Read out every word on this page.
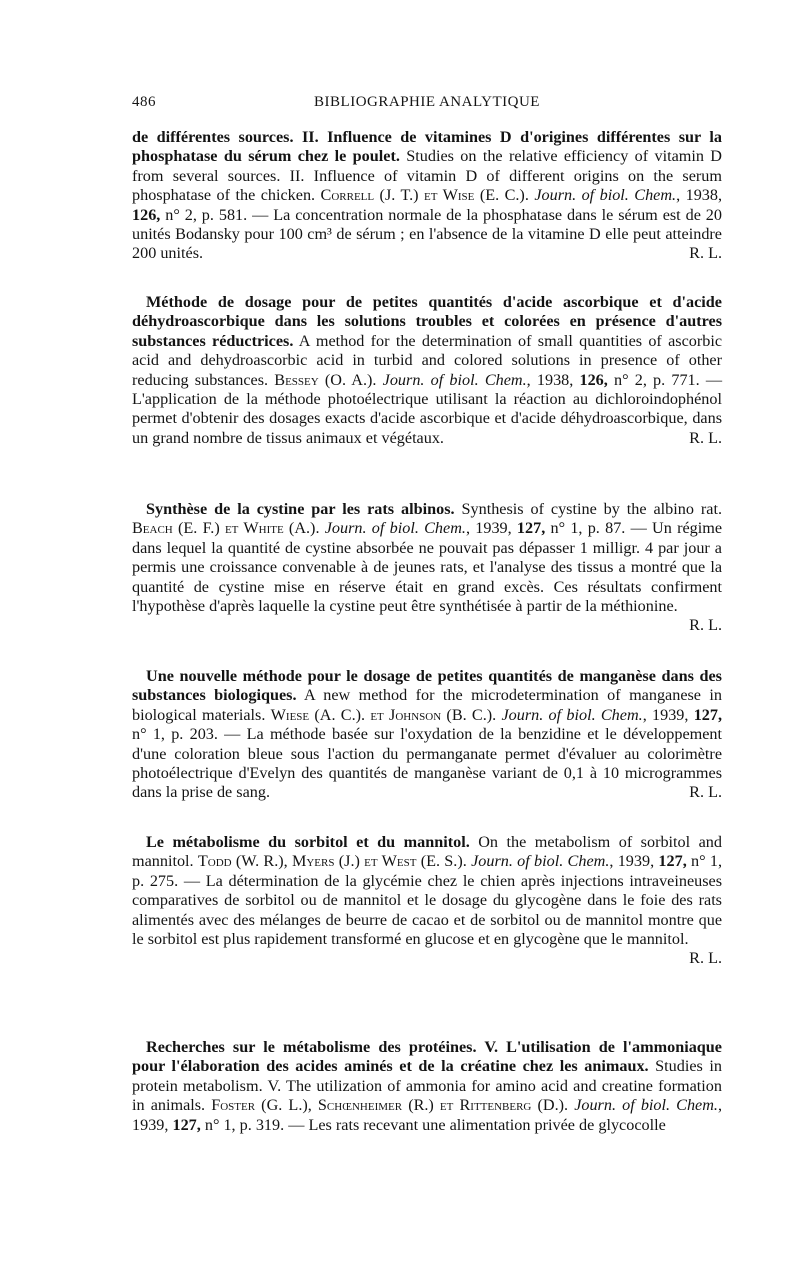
486	BIBLIOGRAPHIE ANALYTIQUE
de différentes sources. II. Influence de vitamines D d'origines différentes sur la phosphatase du sérum chez le poulet. Studies on the relative efficiency of vitamin D from several sources. II. Influence of vitamin D of different origins on the serum phosphatase of the chicken. Correll (J. T.) et Wise (E. C.). Journ. of biol. Chem., 1938, 126, n° 2, p. 581. — La concentration normale de la phosphatase dans le sérum est de 20 unités Bodansky pour 100 cm³ de sérum ; en l'absence de la vitamine D elle peut atteindre 200 unités.	R. L.
Méthode de dosage pour de petites quantités d'acide ascorbique et d'acide déhydroascorbique dans les solutions troubles et colorées en présence d'autres substances réductrices. A method for the determination of small quantities of ascorbic acid and dehydroascorbic acid in turbid and colored solutions in presence of other reducing substances. Bessey (O. A.). Journ. of biol. Chem., 1938, 126, n° 2, p. 771. — L'application de la méthode photoélectrique utilisant la réaction au dichloroindophénol permet d'obtenir des dosages exacts d'acide ascorbique et d'acide déhydroascorbique, dans un grand nombre de tissus animaux et végétaux.	R. L.
Synthèse de la cystine par les rats albinos. Synthesis of cystine by the albino rat. Beach (E. F.) et White (A.). Journ. of biol. Chem., 1939, 127, n° 1, p. 87. — Un régime dans lequel la quantité de cystine absorbée ne pouvait pas dépasser 1 milligr. 4 par jour a permis une croissance convenable à de jeunes rats, et l'analyse des tissus a montré que la quantité de cystine mise en réserve était en grand excès. Ces résultats confirment l'hypothèse d'après laquelle la cystine peut être synthétisée à partir de la méthionine.
R. L.
Une nouvelle méthode pour le dosage de petites quantités de manganèse dans des substances biologiques. A new method for the microdetermination of manganese in biological materials. Wiese (A. C.). et Johnson (B. C.). Journ. of biol. Chem., 1939, 127, n° 1, p. 203. — La méthode basée sur l'oxydation de la benzidine et le développement d'une coloration bleue sous l'action du permanganate permet d'évaluer au colorimètre photoélectrique d'Evelyn des quantités de manganèse variant de 0,1 à 10 microgrammes dans la prise de sang.	R. L.
Le métabolisme du sorbitol et du mannitol. On the metabolism of sorbitol and mannitol. Todd (W. R.), Myers (J.) et West (E. S.). Journ. of biol. Chem., 1939, 127, n° 1, p. 275. — La détermination de la glycémie chez le chien après injections intraveineuses comparatives de sorbitol ou de mannitol et le dosage du glycogène dans le foie des rats alimentés avec des mélanges de beurre de cacao et de sorbitol ou de mannitol montre que le sorbitol est plus rapidement transformé en glucose et en glycogène que le mannitol.
R. L.
Recherches sur le métabolisme des protéines. V. L'utilisation de l'ammoniaque pour l'élaboration des acides aminés et de la créatine chez les animaux. Studies in protein metabolism. V. The utilization of ammonia for amino acid and creatine formation in animals. Foster (G. L.), Schœnheimer (R.) et Rittenberg (D.). Journ. of biol. Chem., 1939, 127, n° 1, p. 319. — Les rats recevant une alimentation privée de glycocolle
